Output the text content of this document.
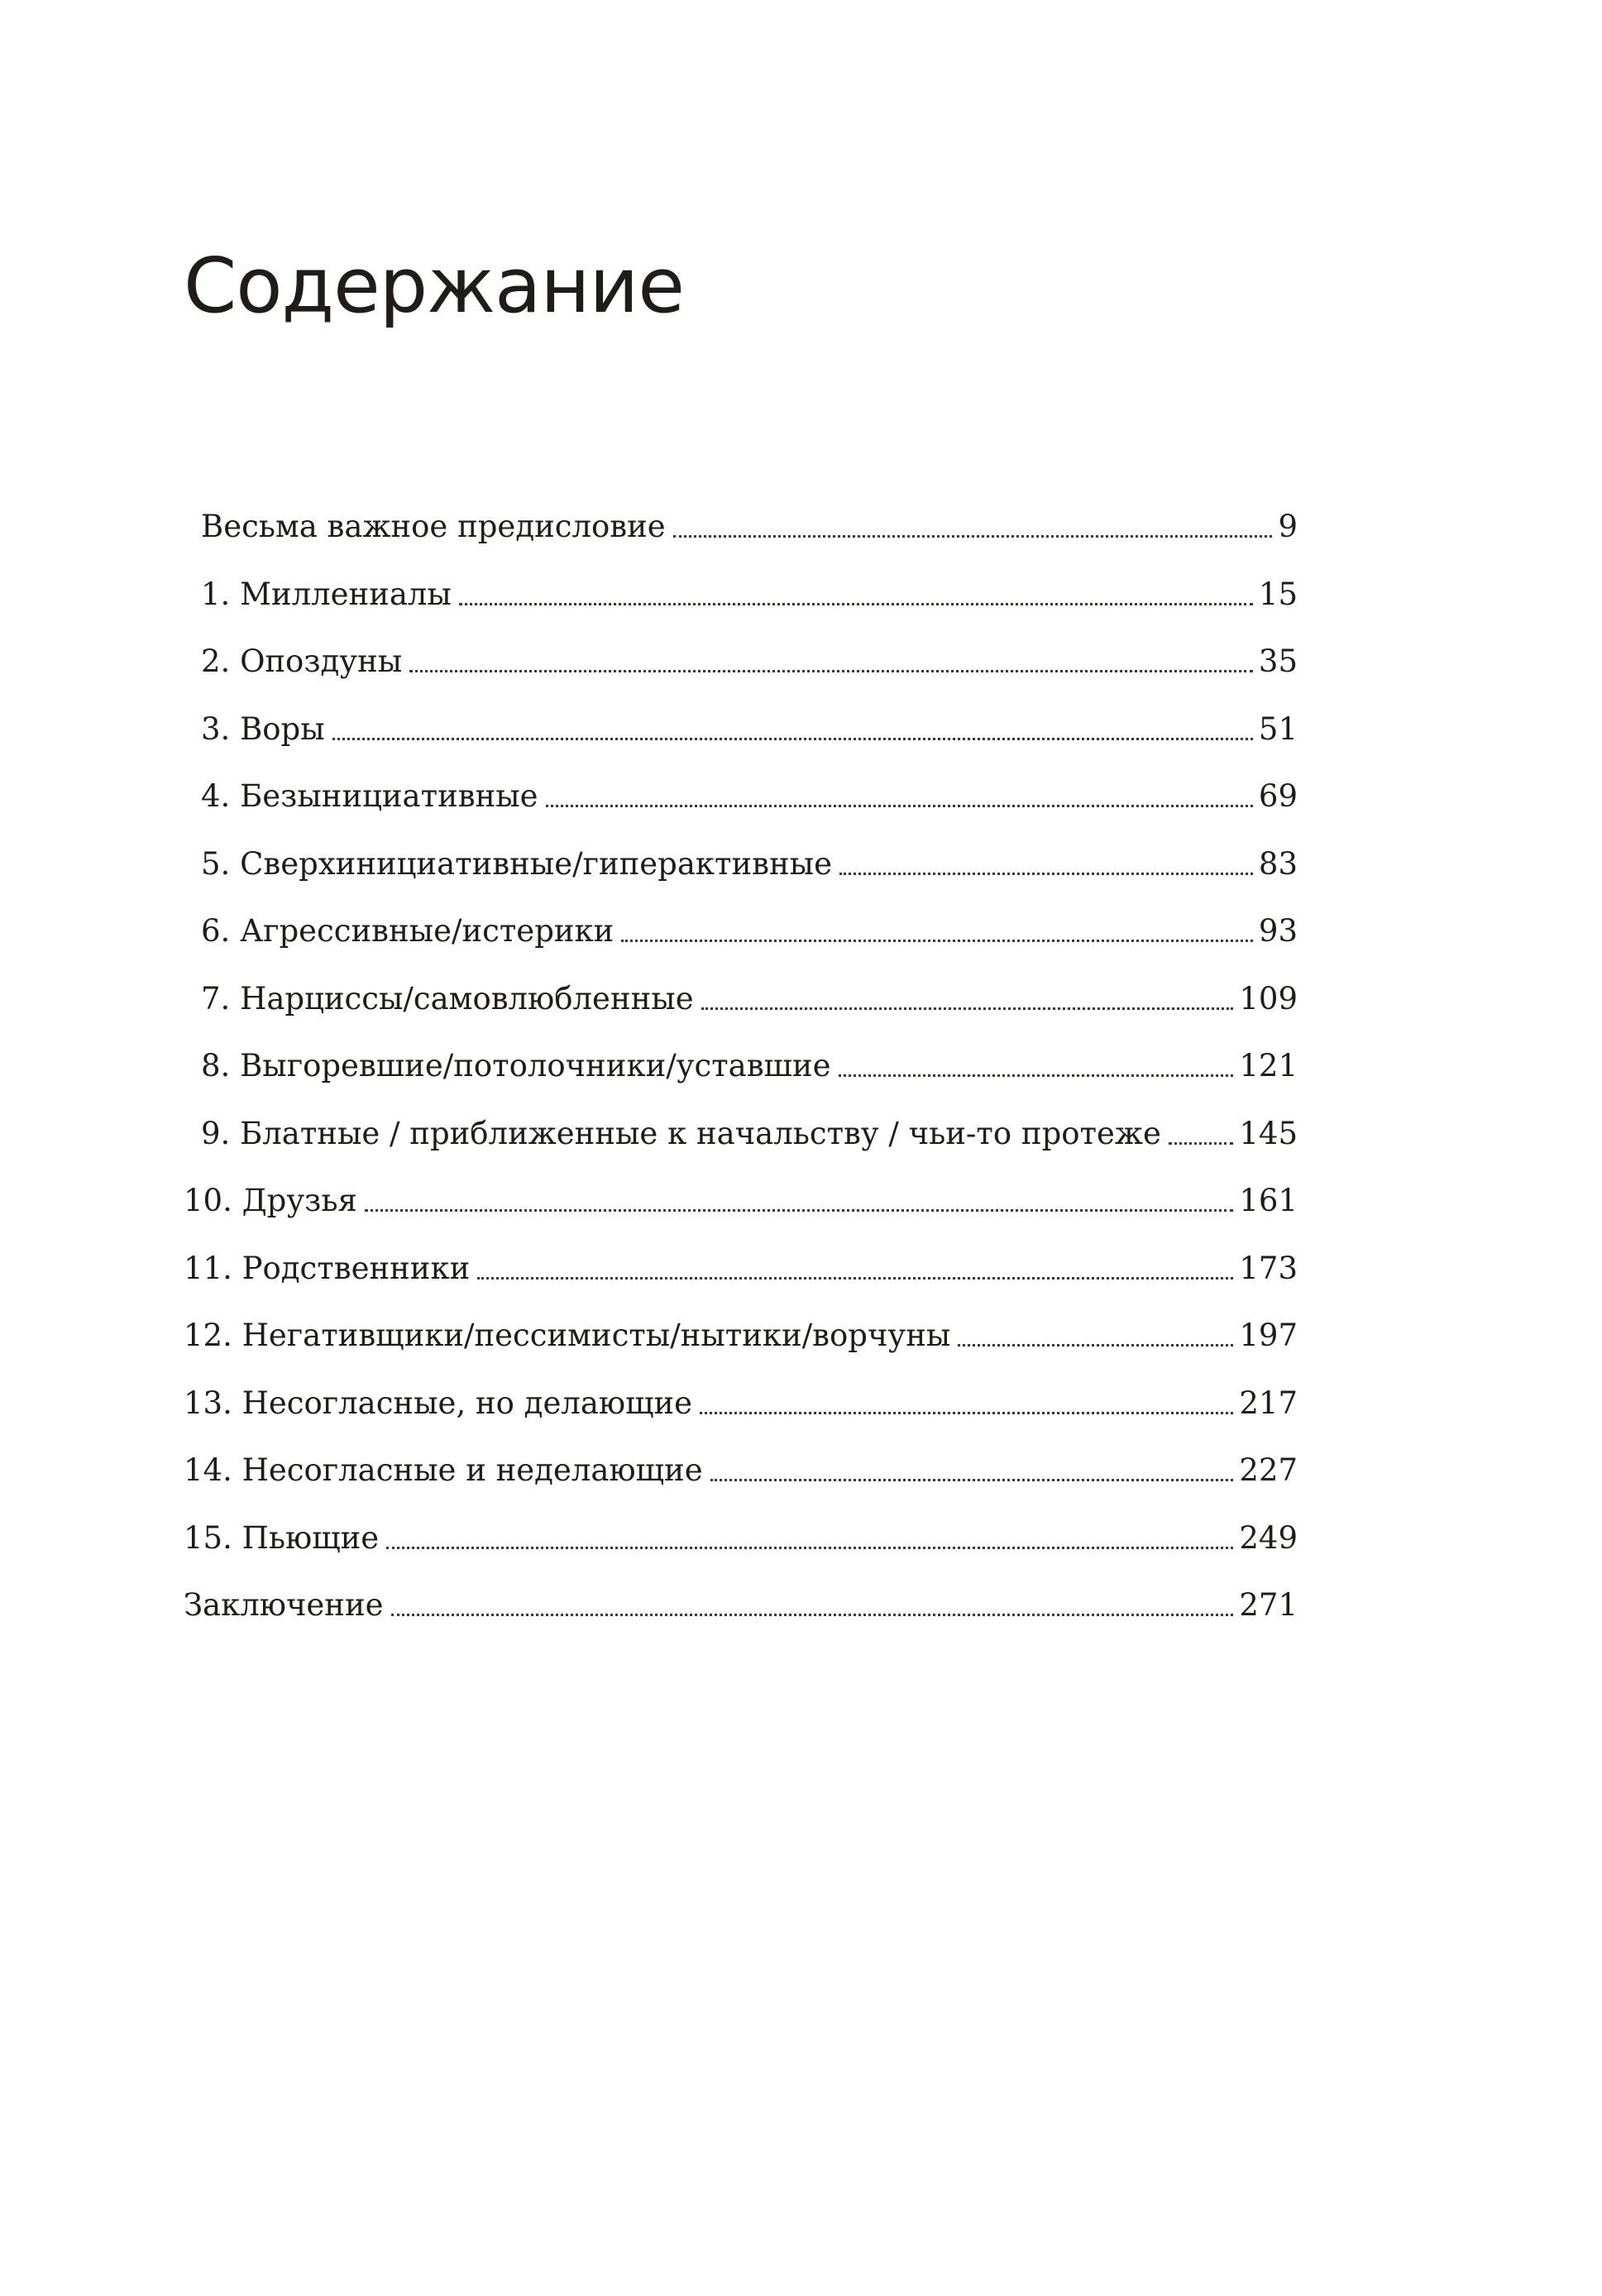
Содержание
Весьма важное предисловие	9
1. Миллениалы	15
2. Опоздуны	35
3. Воры	51
4. Безынициативные	69
5. Сверхинициативные/гиперактивные	83
6. Агрессивные/истерики	93
7. Нарциссы/самовлюбленные	109
8. Выгоревшие/потолочники/уставшие	121
9. Блатные / приближенные к начальству / чьи-то протеже	145
10. Друзья	161
11. Родственники	173
12. Негативщики/пессимисты/нытики/ворчуны	197
13. Несогласные, но делающие	217
14. Несогласные и неделающие	227
15. Пьющие	249
Заключение	271
